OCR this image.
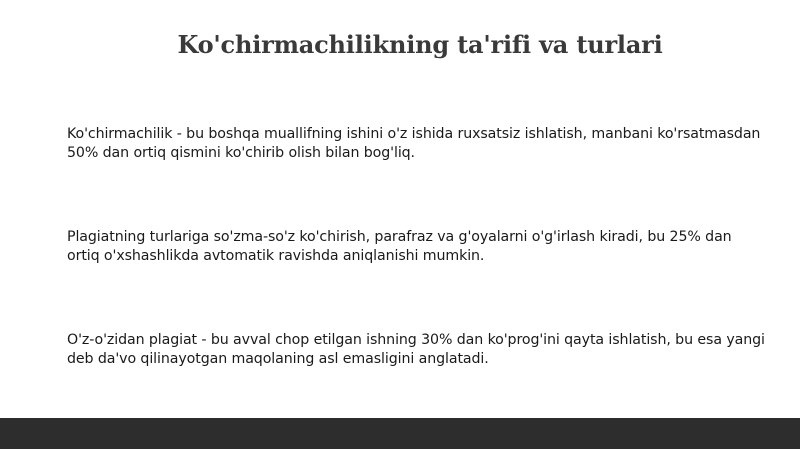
Ko'chirmachilikning ta'rifi va turlari

Ko'chirmachilik - bu boshqa muallifning ishini o'z ishida ruxsatsiz ishlatish, manbani ko'rsatmasdan 50% dan ortiq qismini ko'chirib olish bilan bog'liq.

Plagiatning turlariga so'zma-so'z ko'chirish, parafraz va g'oyalarni o'g'irlash kiradi, bu 25% dan ortiq o'xshashlikda avtomatik ravishda aniqlanishi mumkin.

O'z-o'zidan plagiat - bu avval chop etilgan ishning 30% dan ko'prog'ini qayta ishlatish, bu esa yangi deb da'vo qilinayotgan maqolaning asl emasligini anglatadi.
